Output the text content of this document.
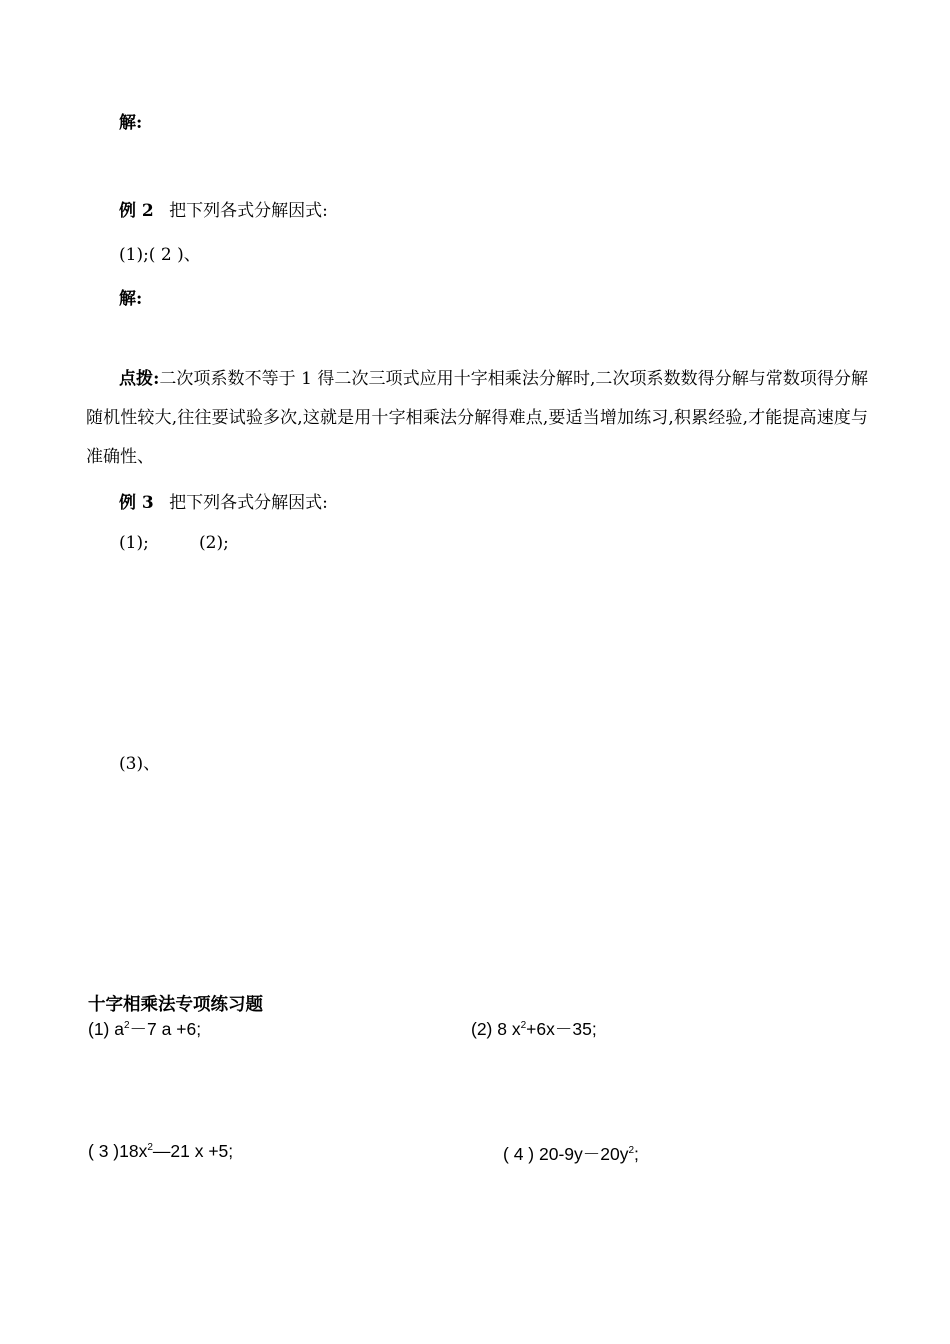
解:
例 2 把下列各式分解因式:
(1);( 2 )、
解:
点拨:二次项系数不等于 1 得二次三项式应用十字相乘法分解时,二次项系数数得分解与常数项得分解随机性较大,往往要试验多次,这就是用十字相乘法分解得难点,要适当增加练习,积累经验,才能提高速度与准确性、
例 3 把下列各式分解因式:
(1);	(2);
(3)、
十字相乘法专项练习题
(1) $a^2-7$ a +6;	(2) 8 $x^2+6x-35$;
( 3 )$18x^2—21$ x +5;	( 4 ) $20-9y-20y^2$;
